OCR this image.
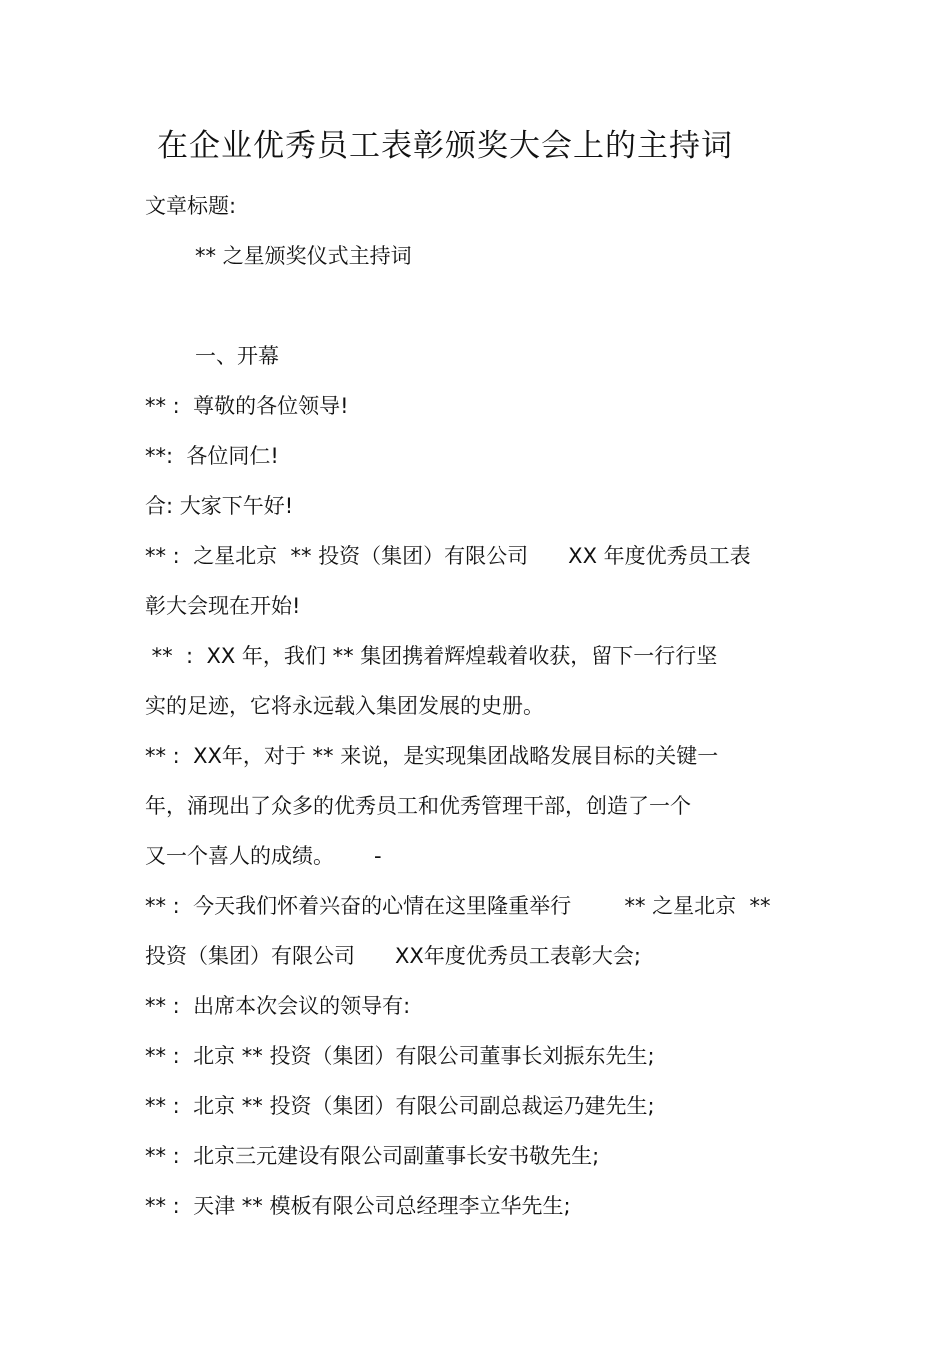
在企业优秀员工表彰颁奖大会上的主持词

文章标题:

** 之星颁奖仪式主持词

一、开幕

** :  尊敬的各位领导!

**:  各位同仁!

合: 大家下午好!

** :  之星北京  ** 投资（集团）有限公司      XX 年度优秀员工表

彰大会现在开始!

**  :  XX 年，我们 ** 集团携着辉煌载着收获，留下一行行坚

实的足迹，它将永远载入集团发展的史册。

** :  XX年，对于 ** 来说，是实现集团战略发展目标的关键一

年，涌现出了众多的优秀员工和优秀管理干部，创造了一个

又一个喜人的成绩。      -

** :  今天我们怀着兴奋的心情在这里隆重举行        ** 之星北京  **

投资（集团）有限公司      XX年度优秀员工表彰大会;

** :  出席本次会议的领导有:

** :  北京 ** 投资（集团）有限公司董事长刘振东先生;

** :  北京 ** 投资（集团）有限公司副总裁运乃建先生;

** :  北京三元建设有限公司副董事长安书敬先生;

** :  天津 ** 模板有限公司总经理李立华先生;
